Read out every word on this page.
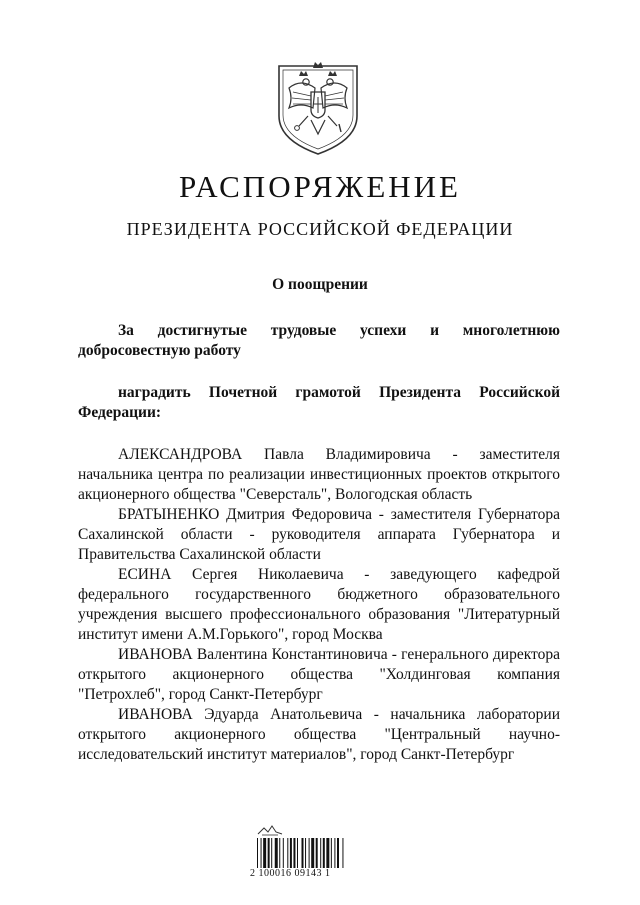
РАСПОРЯЖЕНИЕ
ПРЕЗИДЕНТА РОССИЙСКОЙ ФЕДЕРАЦИИ
О поощрении
За достигнутые трудовые успехи и многолетнюю добросовестную работу
наградить Почетной грамотой Президента Российской Федерации:

АЛЕКСАНДРОВА Павла Владимировича - заместителя начальника центра по реализации инвестиционных проектов открытого акционерного общества "Северсталь", Вологодская область

БРАТЫНЕНКО Дмитрия Федоровича - заместителя Губернатора Сахалинской области - руководителя аппарата Губернатора и Правительства Сахалинской области

ЕСИНА Сергея Николаевича - заведующего кафедрой федерального государственного бюджетного образовательного учреждения высшего профессионального образования "Литературный институт имени А.М.Горького", город Москва

ИВАНОВА Валентина Константиновича - генерального директора открытого акционерного общества "Холдинговая компания "Петрохлеб", город Санкт-Петербург

ИВАНОВА Эдуарда Анатольевича - начальника лаборатории открытого акционерного общества "Центральный научно-исследовательский институт материалов", город Санкт-Петербург

2 100016 09143 1
